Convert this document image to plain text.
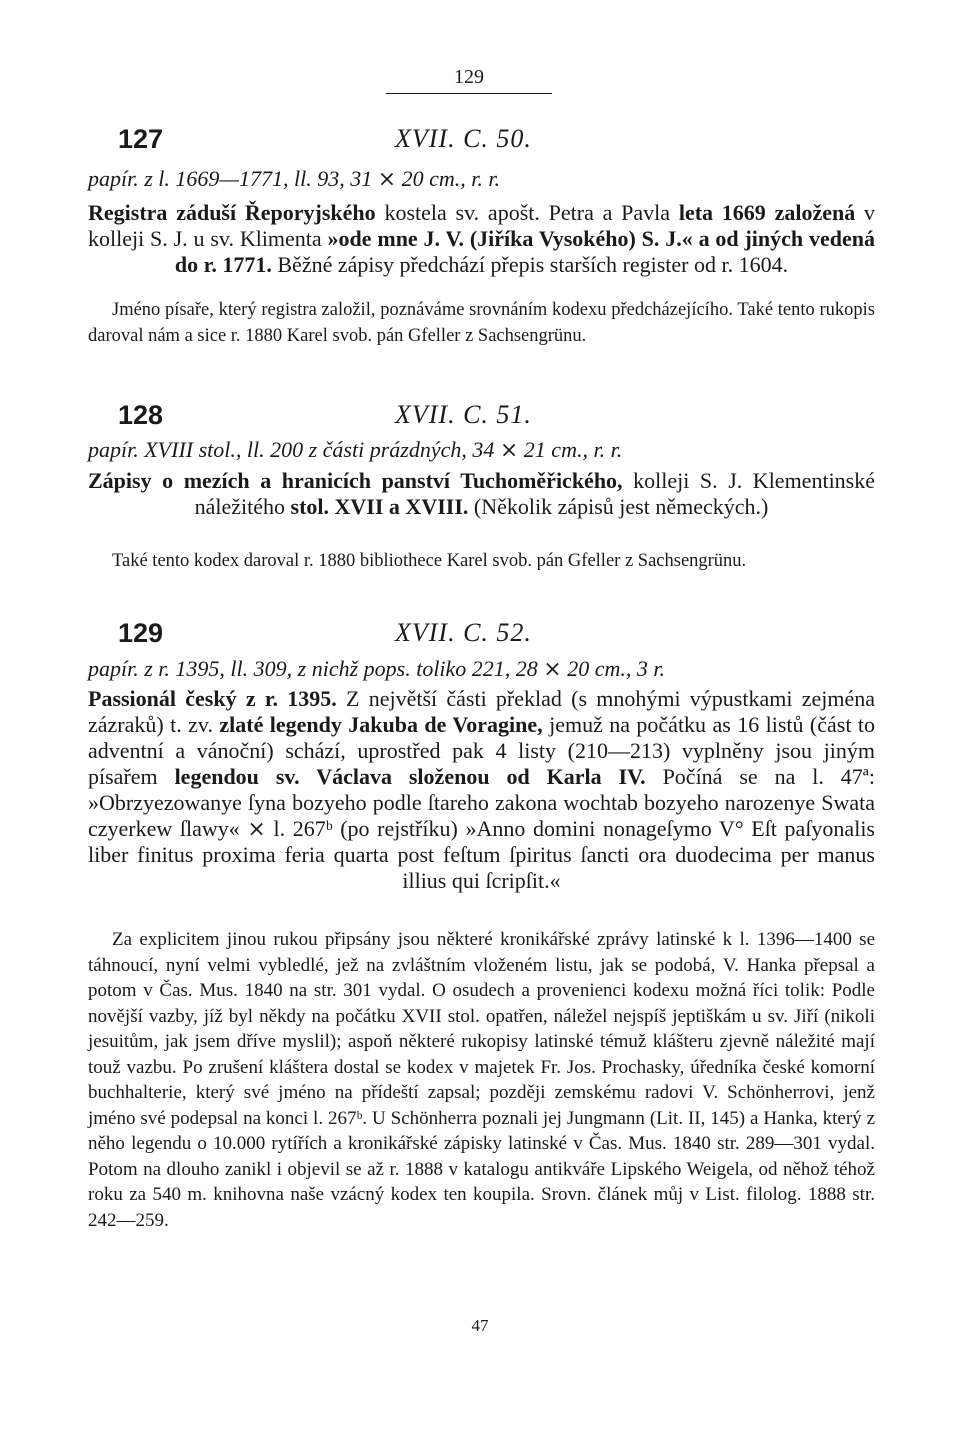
129
127	XVII. C. 50.
papír. z l. 1669—1771, ll. 93, 31 ⨯ 20 cm., r. r.

Registra záduší Řeporyjského kostela sv. apošt. Petra a Pavla leta 1669 založená v kolleji S. J. u sv. Klimenta »ode mne J. V. (Jiříka Vysokého) S. J.« a od jiných vedená do r. 1771. Běžné zápisy předchází přepis starších register od r. 1604.

Jméno písaře, který registra založil, poznáváme srovnáním kodexu předcházejícího. Také tento rukopis daroval nám a sice r. 1880 Karel svob. pán Gfeller z Sachsengrünu.

128	XVII. C. 51.
papír. XVIII stol., ll. 200 z části prázdných, 34 ⨯ 21 cm., r. r.

Zápisy o mezích a hranicích panství Tuchoměřického, kolleji S. J. Klementinské náležitého stol. XVII a XVIII. (Několik zápisů jest německých.)

Také tento kodex daroval r. 1880 bibliothece Karel svob. pán Gfeller z Sachsengrünu.

129	XVII. C. 52.
papír. z r. 1395, ll. 309, z nichž pops. toliko 221, 28 ⨯ 20 cm., 3 r.

Passionál český z r. 1395. Z největší části překlad (s mnohými výpustkami zejména zázraků) t. zv. zlaté legendy Jakuba de Voragine, jemuž na počátku as 16 listů (část to adventní a vánoční) schází, uprostřed pak 4 listy (210—213) vyplněny jsou jiným písařem legendou sv. Václava složenou od Karla IV. Počíná se na l. 47ª: »Obrzyezowanye ſyna bozyeho podle ſtareho zakona wochtab bozyeho narozenye Swata czyerkew ſlawy« ⨯ l. 267ᵇ (po rejstříku) »Anno domini nonageſymo V° Eſt paſyonalis liber finitus proxima feria quarta post feſtum ſpiritus ſancti ora duodecima per manus illius qui ſcripſit.«

Za explicitem jinou rukou připsány jsou některé kronikářské zprávy latinské k l. 1396—1400 se táhnoucí, nyní velmi vybledlé, jež na zvláštním vloženém listu, jak se podobá, V. Hanka přepsal a potom v Čas. Mus. 1840 na str. 301 vydal. O osudech a provenienci kodexu možná říci tolik: Podle novější vazby, jíž byl někdy na počátku XVII stol. opatřen, náležel nejspíš jeptiškám u sv. Jiří (nikoli jesuitům, jak jsem dříve myslil); aspoň některé rukopisy latinské témuž klášteru zjevně náležité mají touž vazbu. Po zrušení kláštera dostal se kodex v majetek Fr. Jos. Prochasky, úředníka české komorní buchhalterie, který své jméno na přídeští zapsal; později zemskému radovi V. Schönherrovi, jenž jméno své podepsal na konci l. 267ᵇ. U Schönherra poznali jej Jungmann (Lit. II, 145) a Hanka, který z něho legendu o 10.000 rytířích a kronikářské zápisky latinské v Čas. Mus. 1840 str. 289—301 vydal. Potom na dlouho zanikl i objevil se až r. 1888 v katalogu antikváře Lipského Weigela, od něhož téhož roku za 540 m. knihovna naše vzácný kodex ten koupila. Srovn. článek můj v List. filolog. 1888 str. 242—259.

47
